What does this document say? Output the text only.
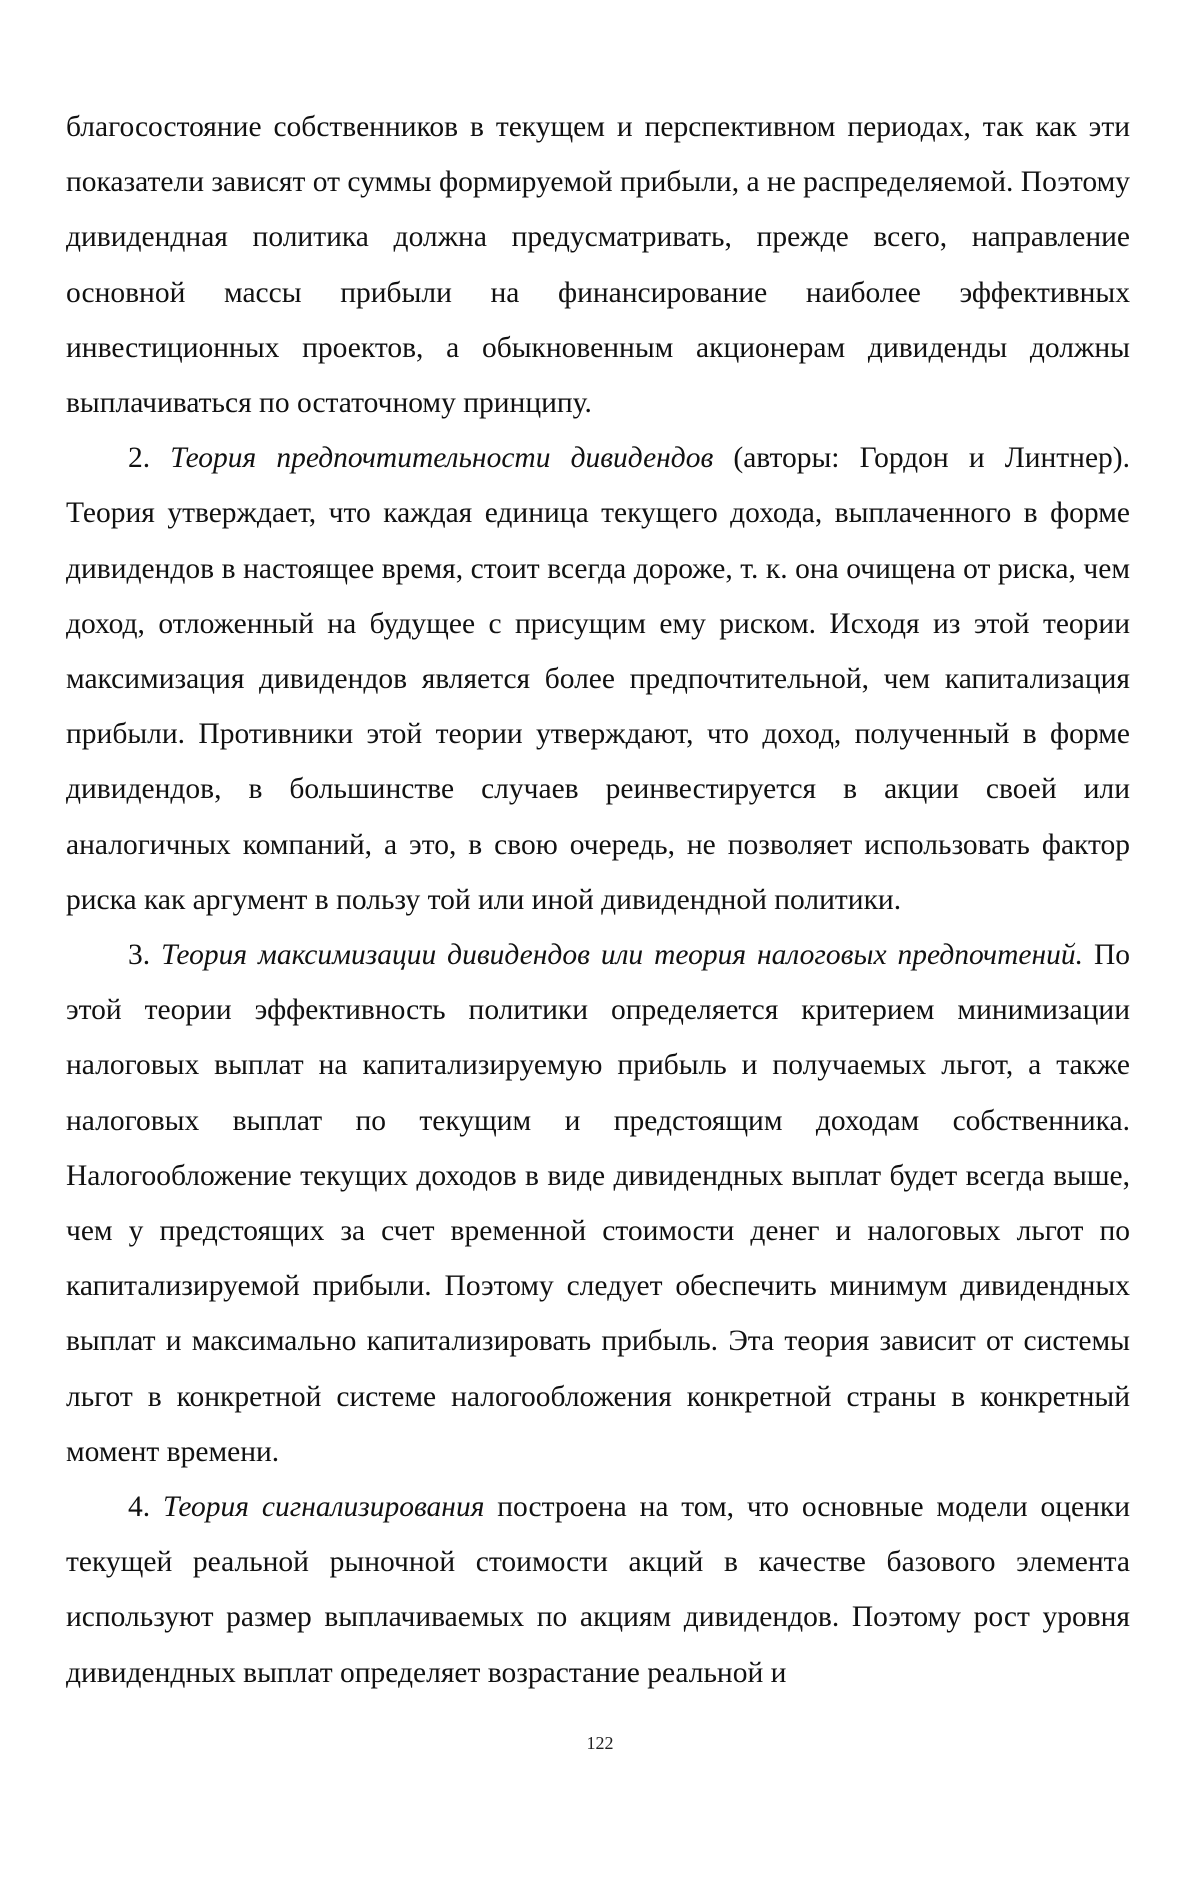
благосостояние собственников в текущем и перспективном периодах, так как эти показатели зависят от суммы формируемой прибыли, а не распределяемой. Поэтому дивидендная политика должна предусматривать, прежде всего, направление основной массы прибыли на финансирование наиболее эффективных инвестиционных проектов, а обыкновенным акционерам дивиденды должны выплачиваться по остаточному принципу.

2. Теория предпочтительности дивидендов (авторы: Гордон и Линтнер). Теория утверждает, что каждая единица текущего дохода, выплаченного в форме дивидендов в настоящее время, стоит всегда дороже, т. к. она очищена от риска, чем доход, отложенный на будущее с присущим ему риском. Исходя из этой теории максимизация дивидендов является более предпочтительной, чем капитализация прибыли. Противники этой теории утверждают, что доход, полученный в форме дивидендов, в большинстве случаев реинвестируется в акции своей или аналогичных компаний, а это, в свою очередь, не позволяет использовать фактор риска как аргумент в пользу той или иной дивидендной политики.

3. Теория максимизации дивидендов или теория налоговых предпочтений. По этой теории эффективность политики определяется критерием минимизации налоговых выплат на капитализируемую прибыль и получаемых льгот, а также налоговых выплат по текущим и предстоящим доходам собственника. Налогообложение текущих доходов в виде дивидендных выплат будет всегда выше, чем у предстоящих за счет временной стоимости денег и налоговых льгот по капитализируемой прибыли. Поэтому следует обеспечить минимум дивидендных выплат и максимально капитализировать прибыль. Эта теория зависит от системы льгот в конкретной системе налогообложения конкретной страны в конкретный момент времени.

4. Теория сигнализирования построена на том, что основные модели оценки текущей реальной рыночной стоимости акций в качестве базового элемента используют размер выплачиваемых по акциям дивидендов. Поэтому рост уровня дивидендных выплат определяет возрастание реальной и

122
